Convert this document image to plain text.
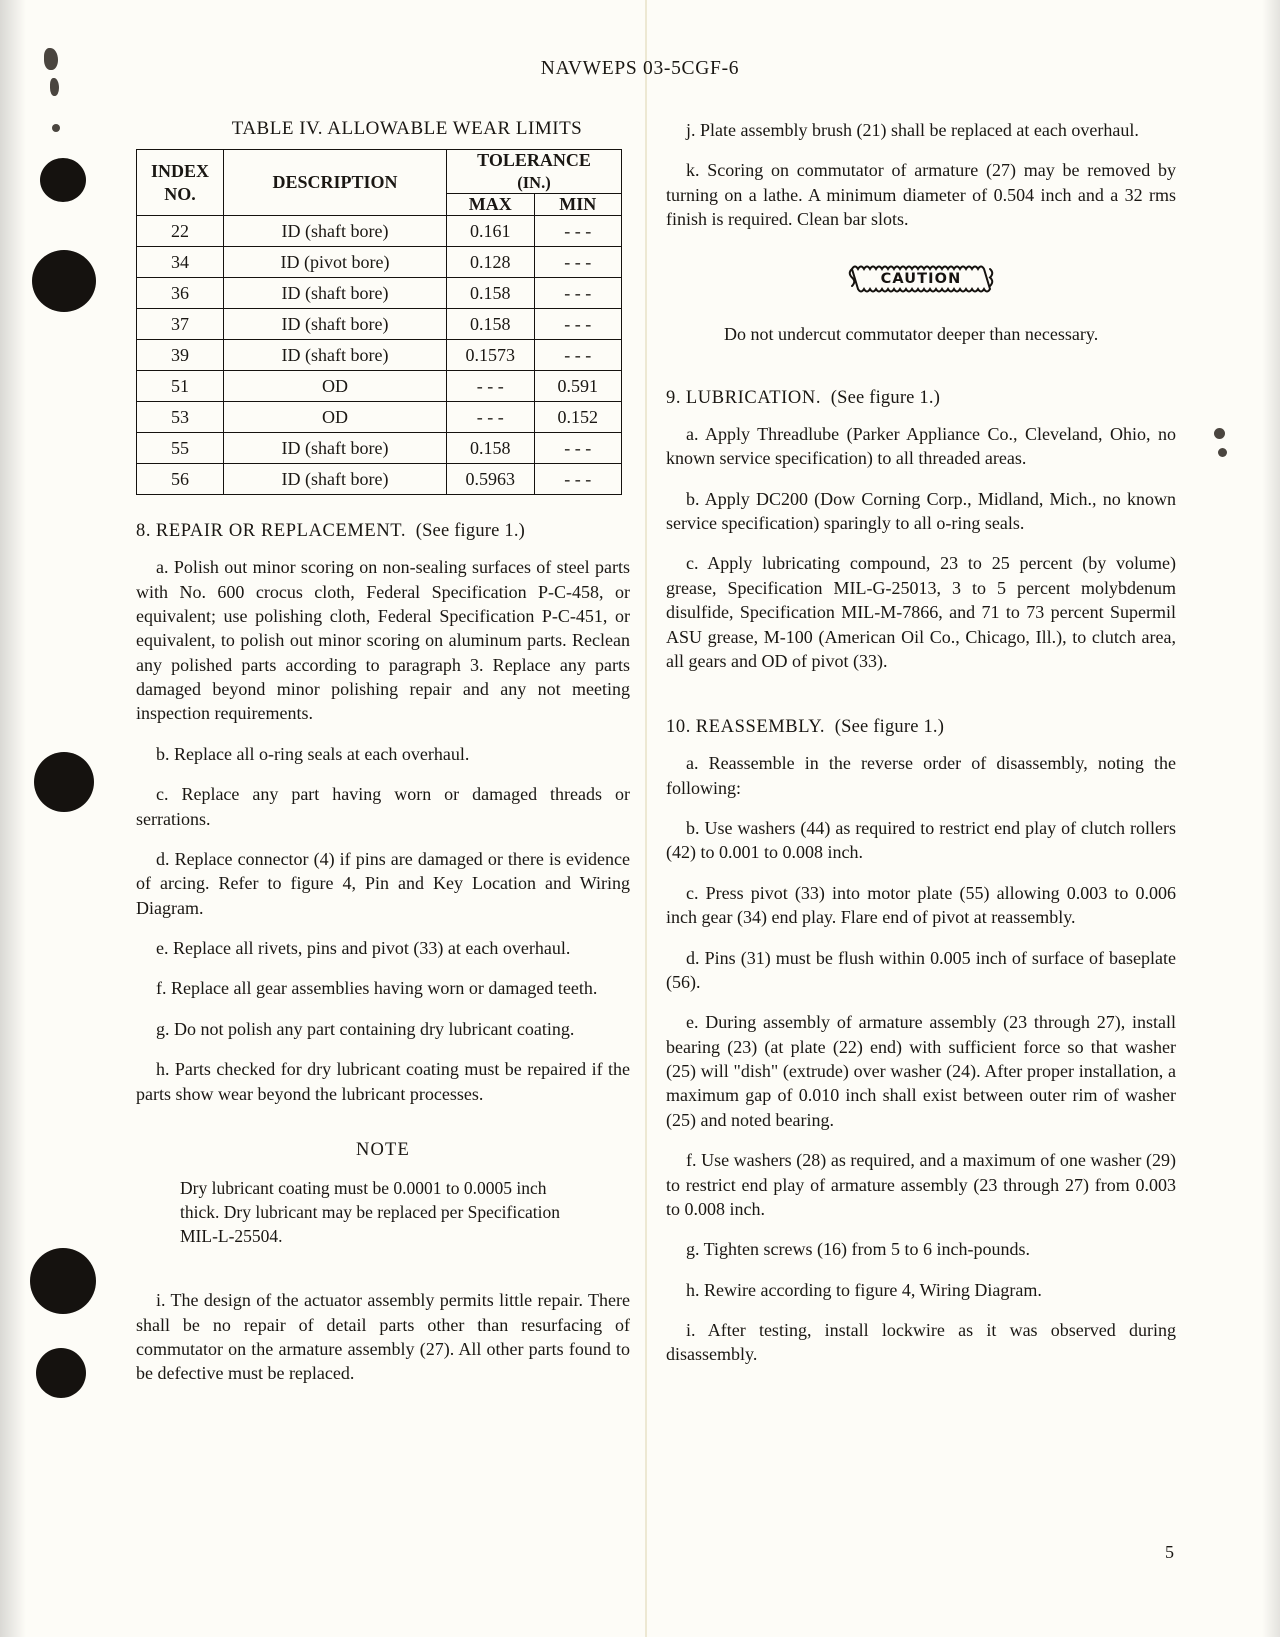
NAVWEPS 03-5CGF-6
TABLE IV. ALLOWABLE WEAR LIMITS
INDEX
NO.	DESCRIPTION	TOLERANCE
(IN.)	
		MAX	MIN
22	ID (shaft bore)	0.161	- - -
34	ID (pivot bore)	0.128	- - -
36	ID (shaft bore)	0.158	- - -
37	ID (shaft bore)	0.158	- - -
39	ID (shaft bore)	0.1573	- - -
51	OD	- - -	0.591
53	OD	- - -	0.152
55	ID (shaft bore)	0.158	- - -
56	ID (shaft bore)	0.5963	- - -
8. REPAIR OR REPLACEMENT. (See figure 1.)

a. Polish out minor scoring on non-sealing surfaces of steel parts with No. 600 crocus cloth, Federal Specification P-C-458, or equivalent; use polishing cloth, Federal Specification P-C-451, or equivalent, to polish out minor scoring on aluminum parts. Reclean any polished parts according to paragraph 3. Replace any parts damaged beyond minor polishing repair and any not meeting inspection requirements.

b. Replace all o-ring seals at each overhaul.

c. Replace any part having worn or damaged threads or serrations.

d. Replace connector (4) if pins are damaged or there is evidence of arcing. Refer to figure 4, Pin and Key Location and Wiring Diagram.

e. Replace all rivets, pins and pivot (33) at each overhaul.

f. Replace all gear assemblies having worn or damaged teeth.

g. Do not polish any part containing dry lubricant coating.

h. Parts checked for dry lubricant coating must be repaired if the parts show wear beyond the lubricant processes.

NOTE

Dry lubricant coating must be 0.0001 to 0.0005 inch thick. Dry lubricant may be replaced per Specification MIL-L-25504.

i. The design of the actuator assembly permits little repair. There shall be no repair of detail parts other than resurfacing of commutator on the armature assembly (27). All other parts found to be defective must be replaced.

j. Plate assembly brush (21) shall be replaced at each overhaul.

k. Scoring on commutator of armature (27) may be removed by turning on a lathe. A minimum diameter of 0.504 inch and a 32 rms finish is required. Clean bar slots.

CAUTION

Do not undercut commutator deeper than necessary.

9. LUBRICATION. (See figure 1.)

a. Apply Threadlube (Parker Appliance Co., Cleveland, Ohio, no known service specification) to all threaded areas.

b. Apply DC200 (Dow Corning Corp., Midland, Mich., no known service specification) sparingly to all o-ring seals.

c. Apply lubricating compound, 23 to 25 percent (by volume) grease, Specification MIL-G-25013, 3 to 5 percent molybdenum disulfide, Specification MIL-M-7866, and 71 to 73 percent Supermil ASU grease, M-100 (American Oil Co., Chicago, Ill.), to clutch area, all gears and OD of pivot (33).

10. REASSEMBLY. (See figure 1.)

a. Reassemble in the reverse order of disassembly, noting the following:

b. Use washers (44) as required to restrict end play of clutch rollers (42) to 0.001 to 0.008 inch.

c. Press pivot (33) into motor plate (55) allowing 0.003 to 0.006 inch gear (34) end play. Flare end of pivot at reassembly.

d. Pins (31) must be flush within 0.005 inch of surface of baseplate (56).

e. During assembly of armature assembly (23 through 27), install bearing (23) (at plate (22) end) with sufficient force so that washer (25) will "dish" (extrude) over washer (24). After proper installation, a maximum gap of 0.010 inch shall exist between outer rim of washer (25) and noted bearing.

f. Use washers (28) as required, and a maximum of one washer (29) to restrict end play of armature assembly (23 through 27) from 0.003 to 0.008 inch.

g. Tighten screws (16) from 5 to 6 inch-pounds.

h. Rewire according to figure 4, Wiring Diagram.

i. After testing, install lockwire as it was observed during disassembly.

5
